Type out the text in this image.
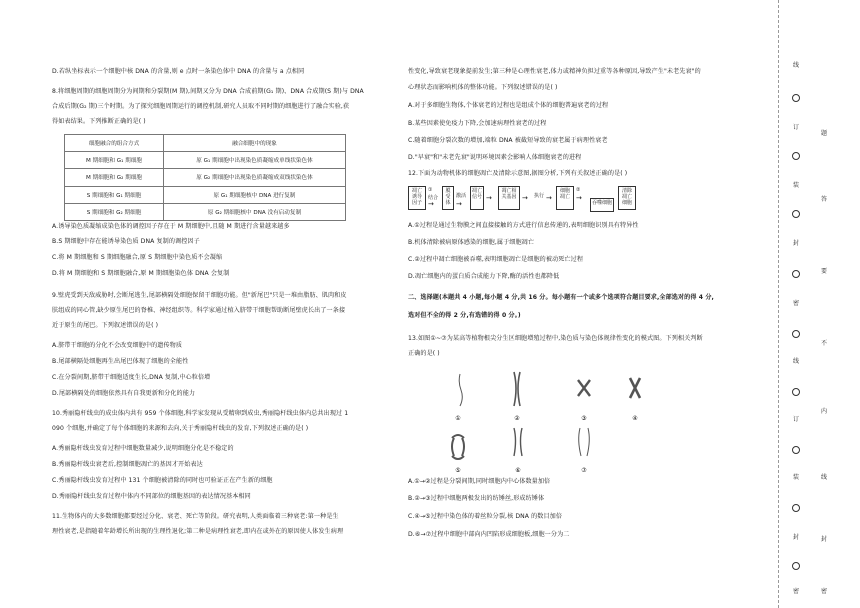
D.若纵坐标表示一个细胞中核 DNA 的含量,则 e 点时一条染色体中 DNA 的含量与 a 点相同
8.将细胞周期的细胞周期分为间期和分裂期(M 期),间期又分为 DNA 合成前期(G₁ 期)、DNA 合成期(S 期)与 DNA
合成后期(G₂ 期)三个时期。为了探究细胞周期运行的调控机制,研究人员取不同时期的细胞进行了融合实验,获
得如表结果。下列推断正确的是( )
细胞融合的组合方式	融合细胞中的现象
M 期细胞和 G₁ 期细胞	原 G₁ 期细胞中出现染色质凝缩成单线状染色体
M 期细胞和 G₂ 期细胞	原 G₂ 期细胞中出现染色质凝缩成双线状染色体
S 期细胞和 G₁ 期细胞	原 G₁ 期细胞核中 DNA 进行复制
S 期细胞和 G₂ 期细胞	原 G₂ 期细胞核中 DNA 没有启动复制
A.诱导染色质凝缩成染色体的调控因子存在于 M 期细胞中,且随 M 期进行含量越来越多
B.S 期细胞中存在能诱导染色质 DNA 复制的调控因子
C.将 M 期细胞和 S 期细胞融合,原 S 期细胞中染色质不会凝缩
D.将 M 期细胞和 S 期细胞融合,原 M 期细胞染色体 DNA 会复制
9.壁虎受到天敌威胁时,会断尾逃生,尾部横隔处细胞保留干细胞功能。但"新尾巴"只是一堆由脂肪、肌肉和皮
肤组成的同心管,缺少原生尾巴的脊椎、神经组织等。科学家通过植入脐带干细胞帮助断尾壁虎长出了一条接
近于原生的尾巴。下列叙述错误的是( )
A.脐带干细胞的分化不会改变细胞中的遗传物质
B.尾部横隔处细胞再生出尾巴体现了细胞的全能性
C.在分裂间期,脐带干细胞适度生长,DNA 复制,中心粒倍增
D.尾部横隔处的细胞依然具有自我更新和分化的能力
10.秀丽隐杆线虫的成虫体内共有 959 个体细胞,科学家发现从受精卵到成虫,秀丽隐杆线虫体内总共出现过 1
090 个细胞,并确定了每个体细胞的来源和去向,关于秀丽隐杆线虫的发育,下列叙述正确的是( )
A.秀丽隐杆线虫发育过程中细胞数量减少,说明细胞分化是不稳定的
B.秀丽隐杆线虫衰老后,控制细胞凋亡的基因才开始表达
C.秀丽隐杆线虫发育过程中 131 个细胞被清除的同时也可验证正在产生新的细胞
D.秀丽隐杆线虫发育过程中体内不同部位的细胞基因的表达情况基本相同
11.生物体内的大多数细胞都要经过分化、衰老、死亡等阶段。研究表明,人类面临着三种衰老:第一种是生
理性衰老,是指随着年龄增长所出现的生理性退化;第二种是病理性衰老,即内在或外在的原因使人体发生病理
性变化,导致衰老现象提前发生;第三种是心理性衰老,体力或精神负担过重等各种原因,导致产生"未老先衰"的
心理状态而影响机体的整体功能。下列叙述错误的是( )
A.对于多细胞生物体,个体衰老的过程也是组成个体的细胞普遍衰老的过程
B.某些因素使免疫力下降,会加速病理性衰老的过程
C.随着细胞分裂次数的增加,端粒 DNA 被截短导致的衰老属于病理性衰老
D."早衰"和"未老先衰"说明环境因素会影响人体细胞衰老的进程
12.下面为动物机体的细胞凋亡及清除示意图,据图分析,下列有关叙述正确的是( )
凋亡诱导因子
①
结合
→
膜受体
激活
→
凋亡信号 →
凋亡相关基因 →	执行 →
细胞凋亡
②
→
吞噬细胞
清除凋亡细胞
A.①过程是通过生物膜之间直接接触的方式进行信息传递的,表明细胞识别具有特异性
B.机体清除被病原体感染的细胞,属于细胞凋亡
C.②过程中凋亡细胞被吞噬,表明细胞凋亡是细胞的被动死亡过程
D.凋亡细胞内的蛋白质合成能力下降,酶的活性也都降低
二、选择题(本题共 4 小题,每小题 4 分,共 16 分。每小题有一个或多个选项符合题目要求,全部选对的得 4 分,
选对但不全的得 2 分,有选错的得 0 分。)
13.如图①~⑦为某高等植物根尖分生区细胞增殖过程中,染色质与染色体规律性变化的模式图。下列相关判断
正确的是( )
①	②	③	④
⑤	⑥	⑦
A.①→②过程是分裂间期,同时细胞内中心体数量加倍
B.②→③过程中细胞两极发出的纺锤丝,形成纺锤体
C.④→⑤过程中染色体的着丝粒分裂,核 DNA 的数目加倍
D.⑥→⑦过程中细胞中部向内凹陷形成细胞板,细胞一分为二
线
订
装
封
密
线
订
装
封
密
题
答
要
不
内
线
封
密
